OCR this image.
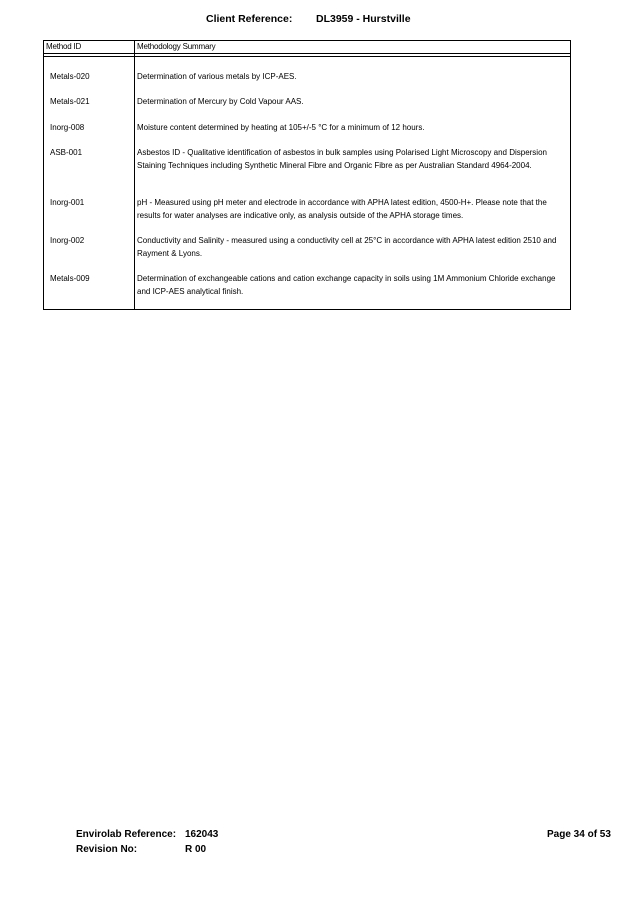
Client Reference: DL3959 - Hurstville
Method ID	Methodology Summary
Metals-020	Determination of various metals by ICP-AES.
Metals-021	Determination of Mercury by Cold Vapour AAS.
Inorg-008	Moisture content determined by heating at 105+/-5 °C for a minimum of 12 hours.
ASB-001	Asbestos ID - Qualitative identification of asbestos in bulk samples using Polarised Light Microscopy and Dispersion Staining Techniques including Synthetic Mineral Fibre and Organic Fibre as per Australian Standard 4964-2004.
Inorg-001	pH - Measured using pH meter and electrode in accordance with APHA latest edition, 4500-H+. Please note that the results for water analyses are indicative only, as analysis outside of the APHA storage times.
Inorg-002	Conductivity and Salinity - measured using a conductivity cell at 25°C in accordance with APHA latest edition 2510 and Rayment & Lyons.
Metals-009	Determination of exchangeable cations and cation exchange capacity in soils using 1M Ammonium Chloride exchange and ICP-AES analytical finish.
Envirolab Reference: 162043
Revision No:	R 00
Page 34 of 53
